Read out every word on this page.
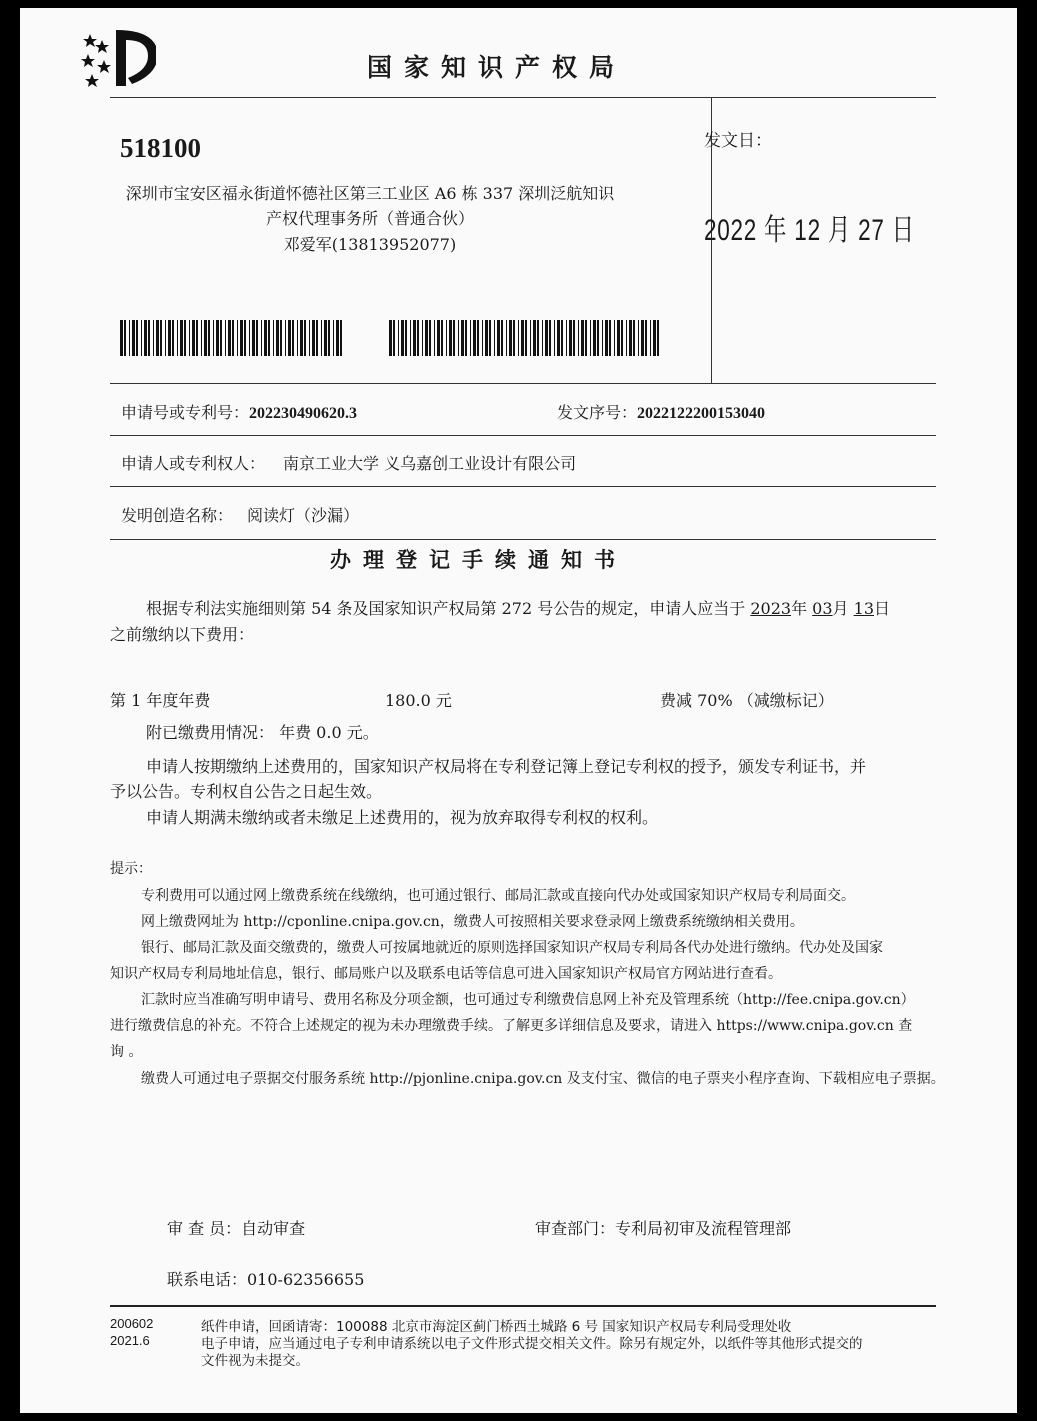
国家知识产权局
518100
深圳市宝安区福永街道怀德社区第三工业区 A6 栋 337 深圳泛航知识
产权代理事务所（普通合伙）
邓爱军(13813952077)
发文日：
2022 年 12 月 27 日
申请号或专利号：202230490620.3	发文序号：2022122200153040
申请人或专利权人： 南京工业大学 义乌嘉创工业设计有限公司
发明创造名称： 阅读灯（沙漏）
办理登记手续通知书
根据专利法实施细则第 54 条及国家知识产权局第 272 号公告的规定，申请人应当于 2023年 03月 13日
之前缴纳以下费用：
第 1 年度年费	180.0 元	费减 70% （减缴标记）
附已缴费用情况： 年费 0.0 元。
申请人按期缴纳上述费用的，国家知识产权局将在专利登记簿上登记专利权的授予，颁发专利证书，并
予以公告。专利权自公告之日起生效。
申请人期满未缴纳或者未缴足上述费用的，视为放弃取得专利权的权利。
提示：
专利费用可以通过网上缴费系统在线缴纳，也可通过银行、邮局汇款或直接向代办处或国家知识产权局专利局面交。
网上缴费网址为 http://cponline.cnipa.gov.cn，缴费人可按照相关要求登录网上缴费系统缴纳相关费用。
银行、邮局汇款及面交缴费的，缴费人可按属地就近的原则选择国家知识产权局专利局各代办处进行缴纳。代办处及国家
知识产权局专利局地址信息，银行、邮局账户以及联系电话等信息可进入国家知识产权局官方网站进行查看。
汇款时应当准确写明申请号、费用名称及分项金额，也可通过专利缴费信息网上补充及管理系统（http://fee.cnipa.gov.cn）
进行缴费信息的补充。不符合上述规定的视为未办理缴费手续。了解更多详细信息及要求，请进入 https://www.cnipa.gov.cn 查
询 。
缴费人可通过电子票据交付服务系统 http://pjonline.cnipa.gov.cn 及支付宝、微信的电子票夹小程序查询、下载相应电子票据。
审 查 员：自动审查	审查部门：专利局初审及流程管理部
联系电话：010-62356655
200602
2021.6
纸件申请，回函请寄：100088 北京市海淀区蓟门桥西土城路 6 号 国家知识产权局专利局受理处收
电子申请，应当通过电子专利申请系统以电子文件形式提交相关文件。除另有规定外，以纸件等其他形式提交的
文件视为未提交。
